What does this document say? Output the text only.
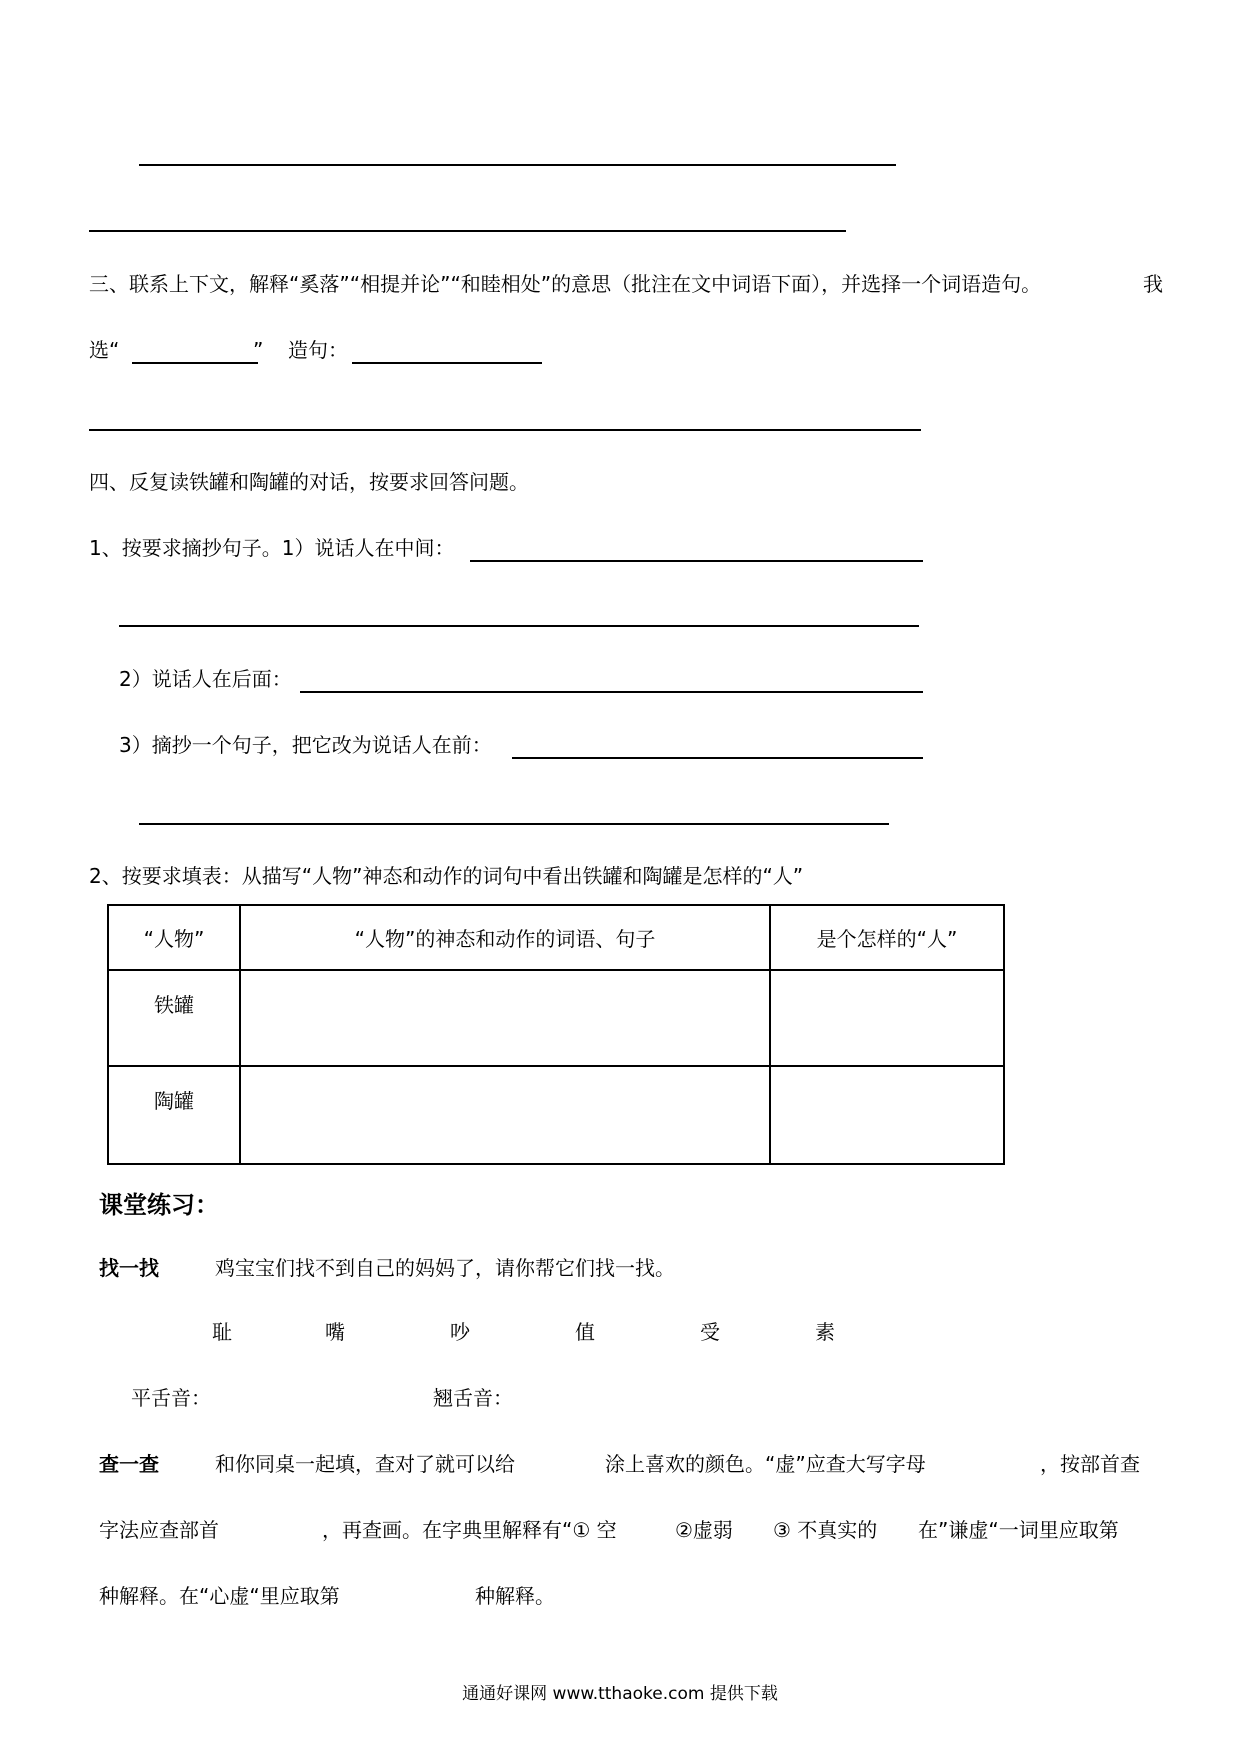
三、联系上下文，解释“奚落”“相提并论”“和睦相处”的意思（批注在文中词语下面），并选择一个词语造句。	我
选“	” 造句：
四、反复读铁罐和陶罐的对话，按要求回答问题。
1、按要求摘抄句子。1）说话人在中间：
2）说话人在后面：
3）摘抄一个句子，把它改为说话人在前：
2、按要求填表：从描写“人物”神态和动作的词句中看出铁罐和陶罐是怎样的“人”
“人物”	“人物”的神态和动作的词语、句子	是个怎样的“人”
铁罐		
陶罐		
课堂练习：
找一找	鸡宝宝们找不到自己的妈妈了，请你帮它们找一找。
耻	嘴	吵	值	受	素
平舌音：	翘舌音：
查一查	和你同桌一起填，查对了就可以给	涂上喜欢的颜色。“虚”应查大写字母	，按部首查
字法应查部首	，再查画。在字典里解释有“① 空	②虚弱 ③ 不真实的 在”谦虚“一词里应取第
种解释。在“心虚“里应取第	种解释。
通通好课网 www.tthaoke.com 提供下载
